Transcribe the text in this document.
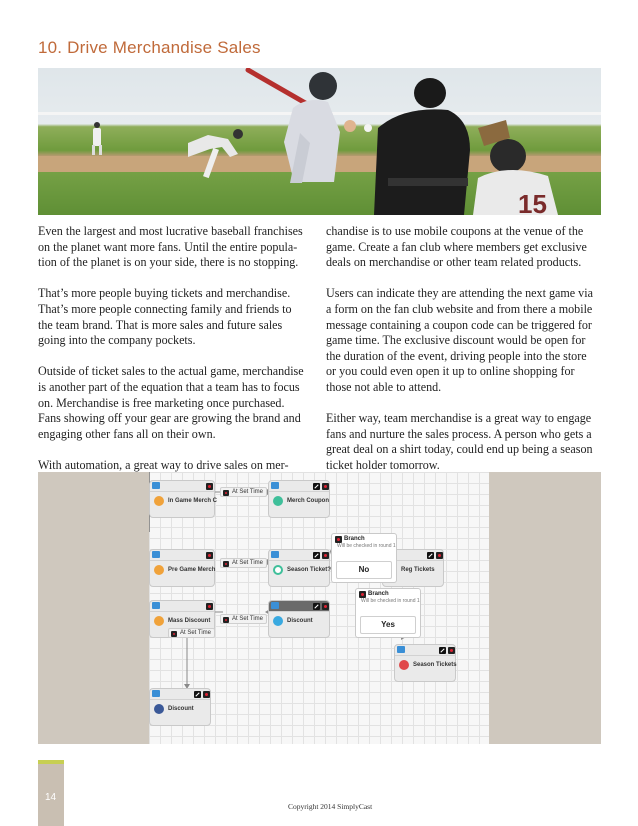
10. Drive Merchandise Sales
15

Even the largest and most lucrative baseball franchises on the planet want more fans. Until the entire popula-tion of the planet is on your side, there is no stopping.

That’s more people buying tickets and merchandise. That’s more people connecting family and friends to the team brand. That is more sales and future sales going into the company pockets.

Outside of ticket sales to the actual game, merchandise is another part of the equation that a team has to focus on. Merchandise is free marketing once purchased. Fans showing off your gear are growing the brand and engaging other fans all on their own.

With automation, a great way to drive sales on mer-

chandise is to use mobile coupons at the venue of the game. Create a fan club where members get exclusive deals on merchandise or other team related products.

Users can indicate they are attending the next game via a form on the fan club website and from there a mobile message containing a coupon code can be triggered for game time. The exclusive discount would be open for the duration of the event, driving people into the store or you could even open it up to online shopping for those not able to attend.

Either way, team merchandise is a great way to engage fans and nurture the sales process. A person who gets a great deal on a shirt today, could end up being a season ticket holder tomorrow.

In Game Merch C	Merch Coupon
Pre Game Merch	Season Ticket?	Reg Tickets
Mass Discount	Discount
Season Tickets
Discount
At Set Time
At Set Time
At Set Time
At Set Time
Branch
Will be checked in round 1
No
Branch
Will be checked in round 1
Yes
14
Copyright 2014 SimplyCast
